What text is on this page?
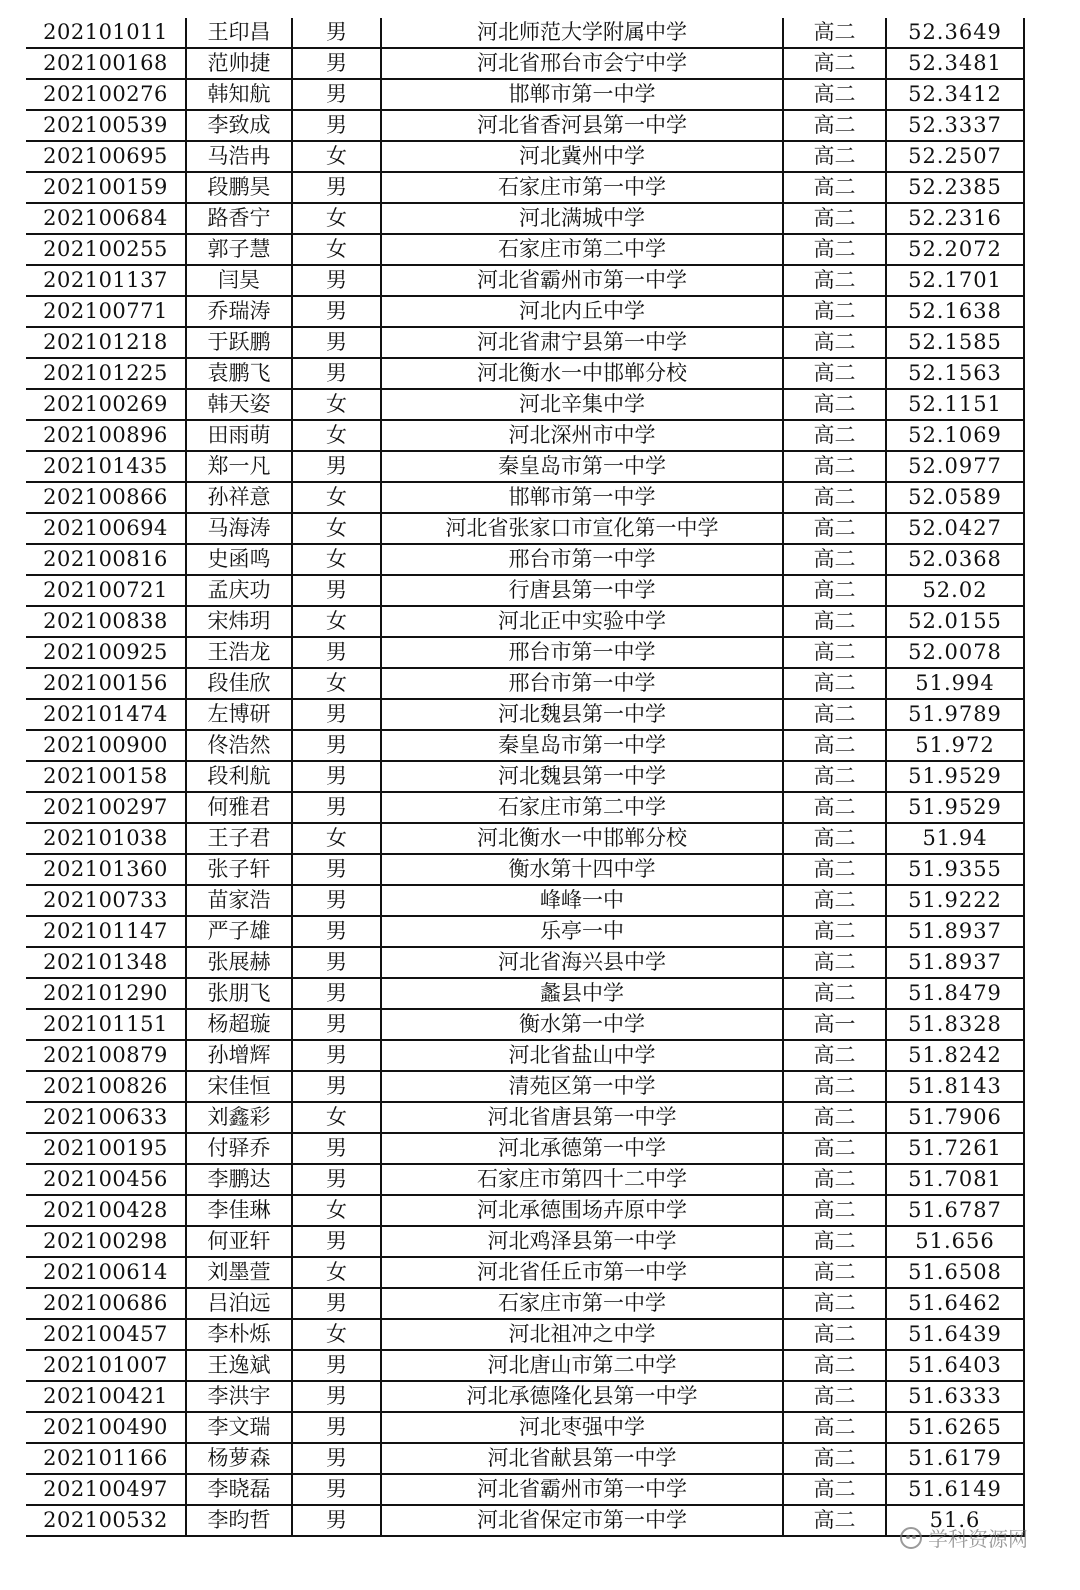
202101011	王印昌	男	河北师范大学附属中学	高二	52.3649
202100168	范帅捷	男	河北省邢台市会宁中学	高二	52.3481
202100276	韩知航	男	邯郸市第一中学	高二	52.3412
202100539	李致成	男	河北省香河县第一中学	高二	52.3337
202100695	马浩冉	女	河北冀州中学	高二	52.2507
202100159	段鹏昊	男	石家庄市第一中学	高二	52.2385
202100684	路香宁	女	河北满城中学	高二	52.2316
202100255	郭子慧	女	石家庄市第二中学	高二	52.2072
202101137	闫昊	男	河北省霸州市第一中学	高二	52.1701
202100771	乔瑞涛	男	河北内丘中学	高二	52.1638
202101218	于跃鹏	男	河北省肃宁县第一中学	高二	52.1585
202101225	袁鹏飞	男	河北衡水一中邯郸分校	高二	52.1563
202100269	韩天姿	女	河北辛集中学	高二	52.1151
202100896	田雨萌	女	河北深州市中学	高二	52.1069
202101435	郑一凡	男	秦皇岛市第一中学	高二	52.0977
202100866	孙祥意	女	邯郸市第一中学	高二	52.0589
202100694	马海涛	女	河北省张家口市宣化第一中学	高二	52.0427
202100816	史函鸣	女	邢台市第一中学	高二	52.0368
202100721	孟庆功	男	行唐县第一中学	高二	52.02
202100838	宋炜玥	女	河北正中实验中学	高二	52.0155
202100925	王浩龙	男	邢台市第一中学	高二	52.0078
202100156	段佳欣	女	邢台市第一中学	高二	51.994
202101474	左博研	男	河北魏县第一中学	高二	51.9789
202100900	佟浩然	男	秦皇岛市第一中学	高二	51.972
202100158	段利航	男	河北魏县第一中学	高二	51.9529
202100297	何雅君	男	石家庄市第二中学	高二	51.9529
202101038	王子君	女	河北衡水一中邯郸分校	高二	51.94
202101360	张子轩	男	衡水第十四中学	高二	51.9355
202100733	苗家浩	男	峰峰一中	高二	51.9222
202101147	严子雄	男	乐亭一中	高二	51.8937
202101348	张展赫	男	河北省海兴县中学	高二	51.8937
202101290	张朋飞	男	蠡县中学	高二	51.8479
202101151	杨超璇	男	衡水第一中学	高一	51.8328
202100879	孙增辉	男	河北省盐山中学	高二	51.8242
202100826	宋佳恒	男	清苑区第一中学	高二	51.8143
202100633	刘鑫彩	女	河北省唐县第一中学	高二	51.7906
202100195	付驿乔	男	河北承德第一中学	高二	51.7261
202100456	李鹏达	男	石家庄市第四十二中学	高二	51.7081
202100428	李佳琳	女	河北承德围场卉原中学	高二	51.6787
202100298	何亚轩	男	河北鸡泽县第一中学	高二	51.656
202100614	刘墨萱	女	河北省任丘市第一中学	高二	51.6508
202100686	吕泊远	男	石家庄市第一中学	高二	51.6462
202100457	李朴烁	女	河北祖冲之中学	高二	51.6439
202101007	王逸斌	男	河北唐山市第二中学	高二	51.6403
202100421	李洪宇	男	河北承德隆化县第一中学	高二	51.6333
202100490	李文瑞	男	河北枣强中学	高二	51.6265
202101166	杨萝森	男	河北省献县第一中学	高二	51.6179
202100497	李晓磊	男	河北省霸州市第一中学	高二	51.6149
202100532	李昀哲	男	河北省保定市第一中学	高二	51.6
学科资源网
